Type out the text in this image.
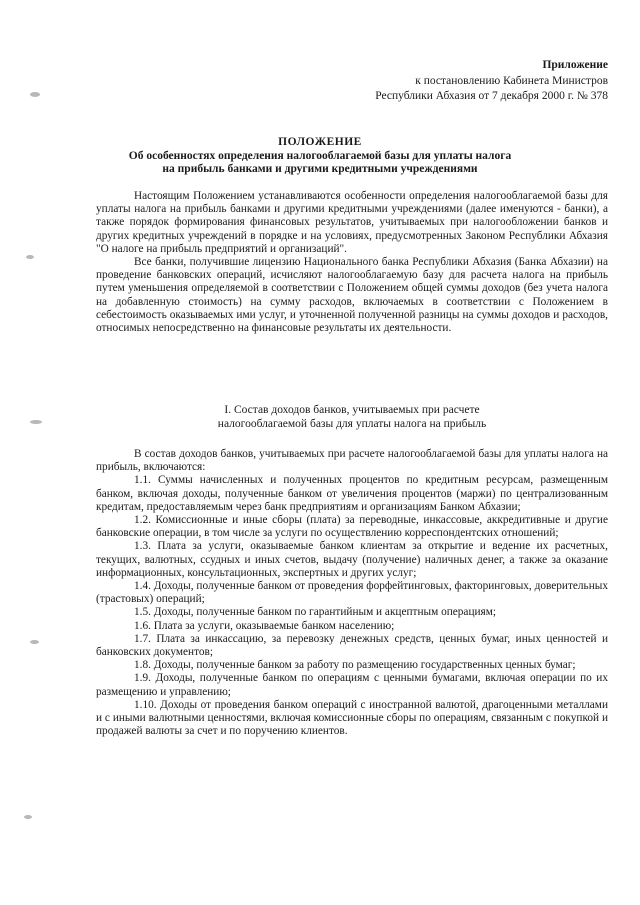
Приложение
к постановлению Кабинета Министров
Республики Абхазия от 7 декабря 2000 г. № 378
ПОЛОЖЕНИЕ
Об особенностях определения налогооблагаемой базы для уплаты налога
на прибыль банками и другими кредитными учреждениями

Настоящим Положением устанавливаются особенности определения налогооблагаемой базы для уплаты налога на прибыль банками и другими кредитными учреждениями (далее именуются - банки), а также порядок формирования финансовых результатов, учитываемых при налогообложении банков и других кредитных учреждений в порядке и на условиях, предусмотренных Законом Республики Абхазия "О налоге на прибыль предприятий и организаций".

Все банки, получившие лицензию Национального банка Республики Абхазия (Банка Абхазии) на проведение банковских операций, исчисляют налогооблагаемую базу для расчета налога на прибыль путем уменьшения определяемой в соответствии с Положением общей суммы доходов (без учета налога на добавленную стоимость) на сумму расходов, включаемых в соответствии с Положением в себестоимость оказываемых ими услуг, и уточненной полученной разницы на суммы доходов и расходов, относимых непосредственно на финансовые результаты их деятельности.

I. Состав доходов банков, учитываемых при расчете
налогооблагаемой базы для уплаты налога на прибыль

В состав доходов банков, учитываемых при расчете налогооблагаемой базы для уплаты налога на прибыль, включаются:

1.1. Суммы начисленных и полученных процентов по кредитным ресурсам, размещенным банком, включая доходы, полученные банком от увеличения процентов (маржи) по централизованным кредитам, предоставляемым через банк предприятиям и организациям Банком Абхазии;

1.2. Комиссионные и иные сборы (плата) за переводные, инкассовые, аккредитивные и другие банковские операции, в том числе за услуги по осуществлению корреспондентских отношений;

1.3. Плата за услуги, оказываемые банком клиентам за открытие и ведение их расчетных, текущих, валютных, ссудных и иных счетов, выдачу (получение) наличных денег, а также за оказание информационных, консультационных, экспертных и других услуг;

1.4. Доходы, полученные банком от проведения форфейтинговых, факторинговых, доверительных (трастовых) операций;

1.5. Доходы, полученные банком по гарантийным и акцептным операциям;

1.6. Плата за услуги, оказываемые банком населению;

1.7. Плата за инкассацию, за перевозку денежных средств, ценных бумаг, иных ценностей и банковских документов;

1.8. Доходы, полученные банком за работу по размещению государственных ценных бумаг;

1.9. Доходы, полученные банком по операциям с ценными бумагами, включая операции по их размещению и управлению;

1.10. Доходы от проведения банком операций с иностранной валютой, драгоценными металлами и с иными валютными ценностями, включая комиссионные сборы по операциям, связанным с покупкой и продажей валюты за счет и по поручению клиентов.
